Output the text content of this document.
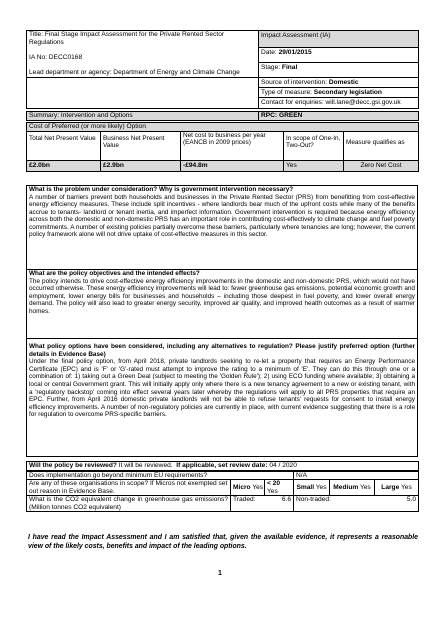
Title: Final Stage Impact Assessment for the Private Rented Sector Regulations

IA No: DECC0168

Lead department or agency: Department of Energy and Climate Change	Impact Assessment (IA)
	Date: 29/01/2015
	Stage: Final
	Source of intervention: Domestic
	Type of measure: Secondary legislation
	Contact for enquiries: will.lane@decc.gsi.gov.uk
Summary: Intervention and Options	RPC: GREEN
Cost of Preferred (or more likely) Option				
Total Net Present Value	Business Net Present Value	Net cost to business per year (EANCB in 2009 prices)	In scope of One-In, Two-Out?	Measure qualifies as
£2.0bn	£2.9bn	-£94.8m	Yes	Zero Net Cost
What is the problem under consideration? Why is government intervention necessary?
A number of barriers prevent both households and businesses in the Private Rented Sector (PRS) from benefitting from cost-effective energy efficiency measures. These include split incentives - where landlords bear much of the upfront costs while many of the benefits accrue to tenants- landlord or tenant inertia, and imperfect information. Government intervention is required because energy efficiency across both the domestic and non-domestic PRS has an important role in contributing cost-effectively to climate change and fuel poverty commitments. A number of existing policies partially overcome these barriers, particularly where tenancies are long; however, the current policy framework alone will not drive uptake of cost-effective measures in this sector.

What are the policy objectives and the intended effects?
The policy intends to drive cost-effective energy efficiency improvements in the domestic and non-domestic PRS, which would not have occurred otherwise. These energy efficiency improvements will lead to: fewer greenhouse gas emissions, potential economic growth and employment, lower energy bills for businesses and households – including those deepest in fuel poverty, and lower overall energy demand. The policy will also lead to greater energy security, improved air quality, and improved health outcomes as a result of warmer homes.

What policy options have been considered, including any alternatives to regulation? Please justify preferred option (further details in Evidence Base)
Under the final policy option, from April 2018, private landlords seeking to re-let a property that requires an Energy Performance Certificate (EPC) and is 'F' or 'G'-rated must attempt to improve the rating to a minimum of 'E'. They can do this through one or a combination of: 1) taking out a Green Deal (subject to meeting the 'Golden Rule'); 2) using ECO funding where available; 3) obtaining a local or central Government grant. This will initially apply only where there is a new tenancy agreement to a new or existing tenant, with a 'regulatory backstop' coming into effect several years later whereby the regulations will apply to all PRS properties that require an EPC. Further, from April 2016 domestic private landlords will not be able to refuse tenants' requests for consent to install energy efficiency improvements. A number of non-regulatory policies are currently in place, with current evidence suggesting that there is a role for regulation to overcome PRS-specific barriers.
Will the policy be reviewed? It will be reviewed. If applicable, set review date: 04 / 2020					
Does implementation go beyond minimum EU requirements?			N/A		
Are any of these organisations in scope? If Micros not exempted set out reason in Evidence Base.	Micro Yes	< 20
Yes	Small Yes	Medium Yes	Large Yes
What is the CO2 equivalent change in greenhouse gas emissions? (Million tonnes CO2 equivalent)	Traded: 6.6		Non-traded: 5.0		
I have read the Impact Assessment and I am satisfied that, given the available evidence, it represents a reasonable view of the likely costs, benefits and impact of the leading options.
1
